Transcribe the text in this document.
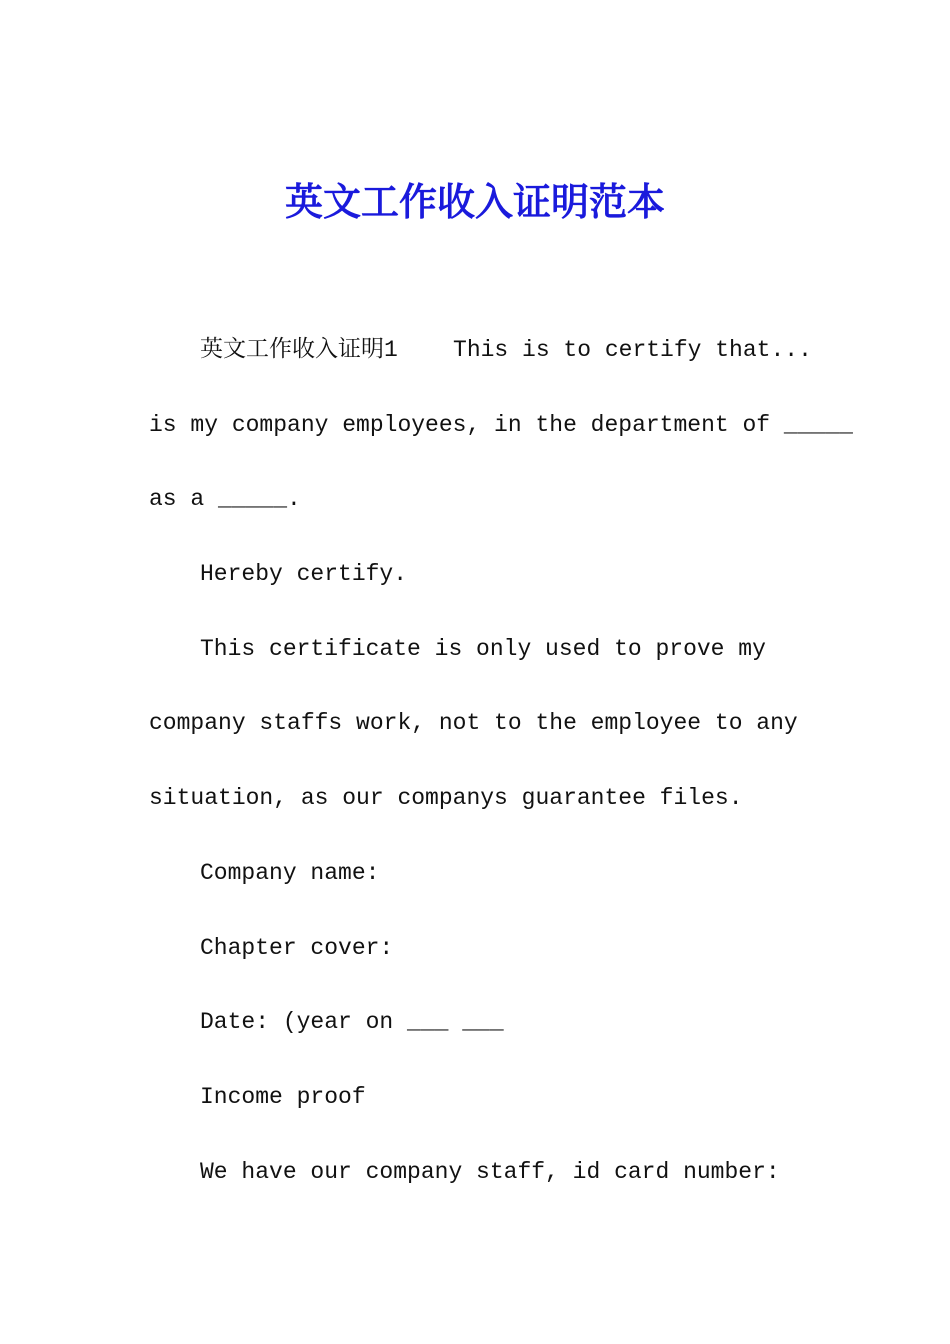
英文工作收入证明范本
英文工作收入证明1    This is to certify that...
is my company employees, in the department of _____
as a _____.
Hereby certify.
This certificate is only used to prove my
company staffs work, not to the employee to any
situation, as our companys guarantee files.
Company name:
Chapter cover:
Date: (year on ___ ___
Income proof
We have our company staff, id card number:
